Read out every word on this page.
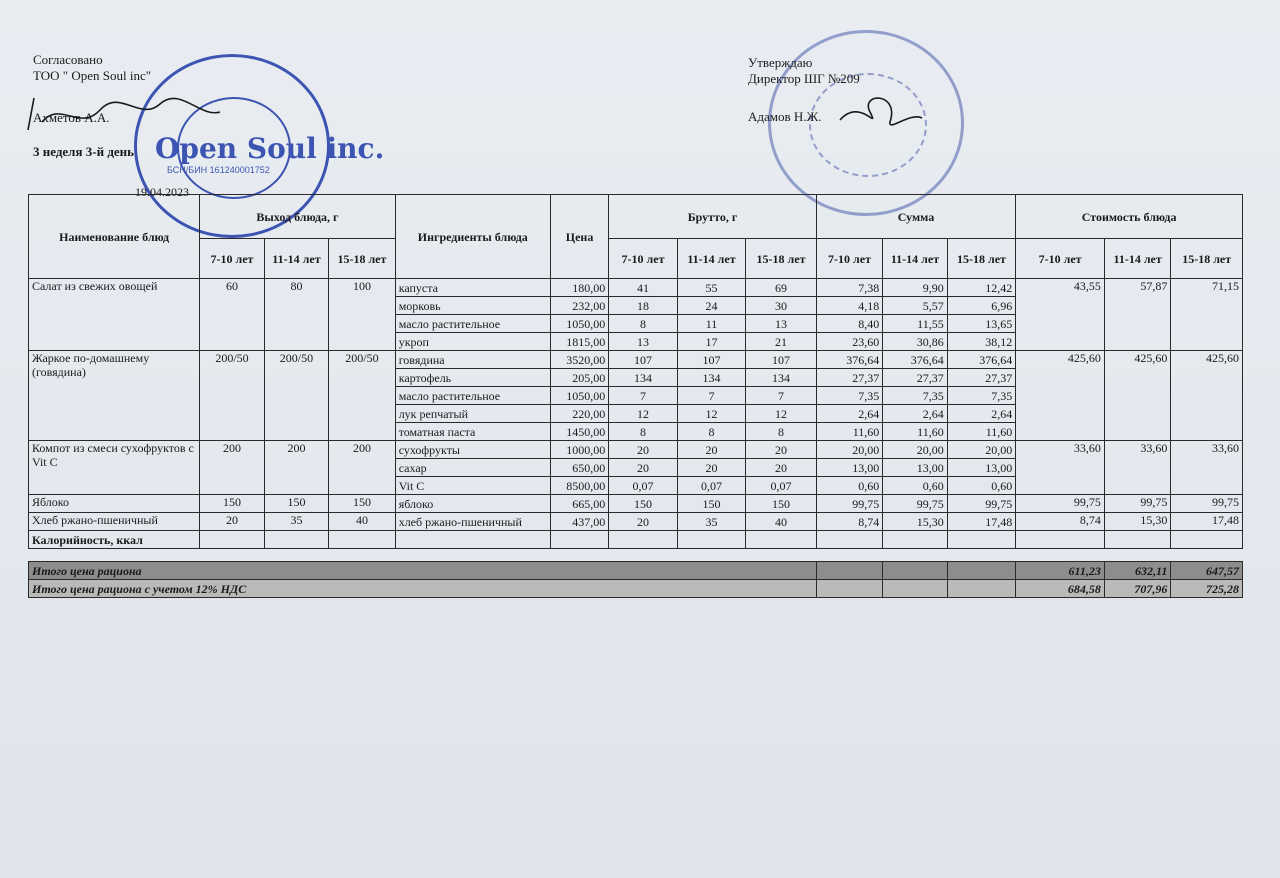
Open Soul inc.
БСН/БИН 161240001752
Согласовано
ТОО " Open Soul inc"
Ахметов А.А.
3 неделя 3-й день
19.04.2023
Утверждаю
Директор ШГ №209
Адамов Н.Ж.
Наименование блюд	Выход блюда, г			Ингредиенты блюда	Цена	Брутто, г			Сумма			Стоимость блюда		
	7-10 лет	11-14 лет	15-18 лет			7-10 лет	11-14 лет	15-18 лет	7-10 лет	11-14 лет	15-18 лет	7-10 лет	11-14 лет	15-18 лет
Салат из свежих овощей	60	80	100	капуста	180,00	41	55	69	7,38	9,90	12,42	43,55	57,87	71,15
				морковь	232,00	18	24	30	4,18	5,57	6,96			
				масло растительное	1050,00	8	11	13	8,40	11,55	13,65			
				укроп	1815,00	13	17	21	23,60	30,86	38,12			
Жаркое по-домашнему (говядина)	200/50	200/50	200/50	говядина	3520,00	107	107	107	376,64	376,64	376,64	425,60	425,60	425,60
				картофель	205,00	134	134	134	27,37	27,37	27,37			
				масло растительное	1050,00	7	7	7	7,35	7,35	7,35			
				лук репчатый	220,00	12	12	12	2,64	2,64	2,64			
				томатная паста	1450,00	8	8	8	11,60	11,60	11,60			
Компот из смеси сухофруктов с Vit C	200	200	200	сухофрукты	1000,00	20	20	20	20,00	20,00	20,00	33,60	33,60	33,60
				сахар	650,00	20	20	20	13,00	13,00	13,00			
				Vit C	8500,00	0,07	0,07	0,07	0,60	0,60	0,60			
Яблоко	150	150	150	яблоко	665,00	150	150	150	99,75	99,75	99,75	99,75	99,75	99,75
Хлеб ржано-пшеничный	20	35	40	хлеб ржано-пшеничный	437,00	20	35	40	8,74	15,30	17,48	8,74	15,30	17,48
Калорийность, ккал														

Итого цена рациона												611,23	632,11	647,57
Итого цена рациона с учетом 12% НДС												684,58	707,96	725,28
